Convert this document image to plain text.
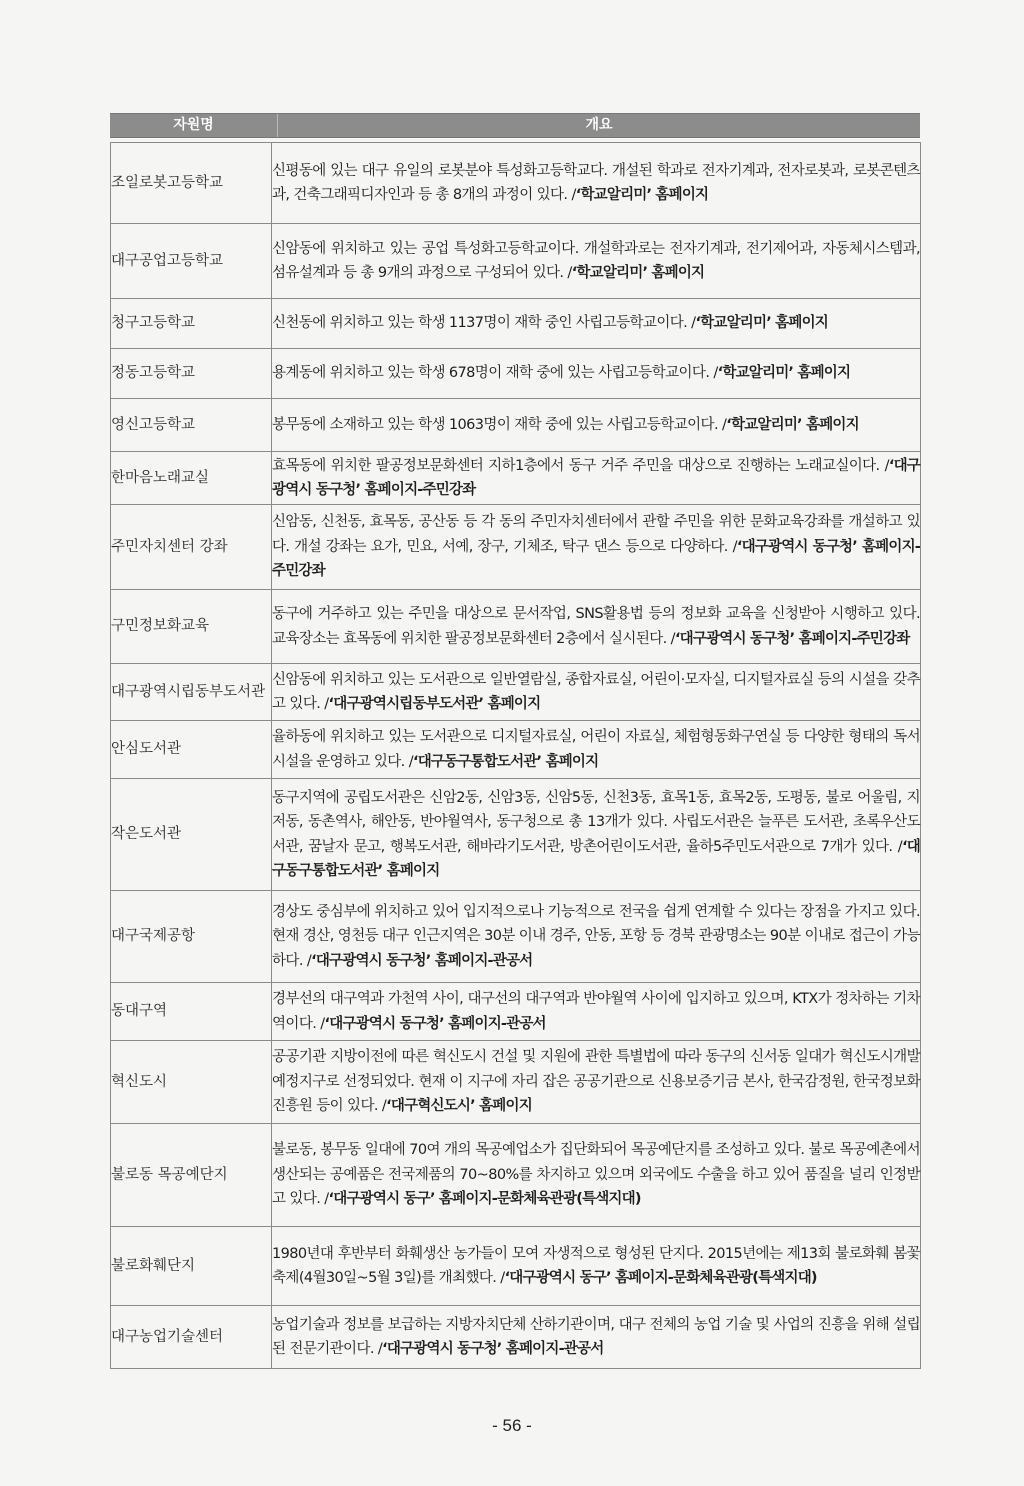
자원명	개요
조일로봇고등학교	신평동에 있는 대구 유일의 로봇분야 특성화고등학교다. 개설된 학과로 전자기계과, 전자로봇과, 로봇콘텐츠과, 건축그래픽디자인과 등 총 8개의 과정이 있다. /‘학교알리미’ 홈페이지
대구공업고등학교	신암동에 위치하고 있는 공업 특성화고등학교이다. 개설학과로는 전자기계과, 전기제어과, 자동체시스템과, 섬유설계과 등 총 9개의 과정으로 구성되어 있다. /‘학교알리미’ 홈페이지
청구고등학교	신천동에 위치하고 있는 학생 1137명이 재학 중인 사립고등학교이다. /‘학교알리미’ 홈페이지
정동고등학교	용계동에 위치하고 있는 학생 678명이 재학 중에 있는 사립고등학교이다. /‘학교알리미’ 홈페이지
영신고등학교	봉무동에 소재하고 있는 학생 1063명이 재학 중에 있는 사립고등학교이다. /‘학교알리미’ 홈페이지
한마음노래교실	효목동에 위치한 팔공정보문화센터 지하1층에서 동구 거주 주민을 대상으로 진행하는 노래교실이다. /‘대구광역시 동구청’ 홈페이지-주민강좌
주민자치센터 강좌	신암동, 신천동, 효목동, 공산동 등 각 동의 주민자치센터에서 관할 주민을 위한 문화교육강좌를 개설하고 있다. 개설 강좌는 요가, 민요, 서예, 장구, 기체조, 탁구 댄스 등으로 다양하다. /‘대구광역시 동구청’ 홈페이지-주민강좌
구민정보화교육	동구에 거주하고 있는 주민을 대상으로 문서작업, SNS활용법 등의 정보화 교육을 신청받아 시행하고 있다. 교육장소는 효목동에 위치한 팔공정보문화센터 2층에서 실시된다. /‘대구광역시 동구청’ 홈페이지-주민강좌
대구광역시립동부도서관	신암동에 위치하고 있는 도서관으로 일반열람실, 종합자료실, 어린이·모자실, 디지털자료실 등의 시설을 갖추고 있다. /‘대구광역시립동부도서관’ 홈페이지
안심도서관	율하동에 위치하고 있는 도서관으로 디지털자료실, 어린이 자료실, 체험형동화구연실 등 다양한 형태의 독서 시설을 운영하고 있다. /‘대구동구통합도서관’ 홈페이지
작은도서관	동구지역에 공립도서관은 신암2동, 신암3동, 신암5동, 신천3동, 효목1동, 효목2동, 도평동, 불로 어울림, 지저동, 동촌역사, 해안동, 반야월역사, 동구청으로 총 13개가 있다. 사립도서관은 늘푸른 도서관, 초록우산도서관, 꿈날자 문고, 행복도서관, 해바라기도서관, 방촌어린이도서관, 율하5주민도서관으로 7개가 있다. /‘대구동구통합도서관’ 홈페이지
대구국제공항	경상도 중심부에 위치하고 있어 입지적으로나 기능적으로 전국을 쉽게 연계할 수 있다는 장점을 가지고 있다. 현재 경산, 영천등 대구 인근지역은 30분 이내 경주, 안동, 포항 등 경북 관광명소는 90분 이내로 접근이 가능하다. /‘대구광역시 동구청’ 홈페이지-관공서
동대구역	경부선의 대구역과 가천역 사이, 대구선의 대구역과 반야월역 사이에 입지하고 있으며, KTX가 정차하는 기차역이다. /‘대구광역시 동구청’ 홈페이지-관공서
혁신도시	공공기관 지방이전에 따른 혁신도시 건설 및 지원에 관한 특별법에 따라 동구의 신서동 일대가 혁신도시개발예정지구로 선정되었다. 현재 이 지구에 자리 잡은 공공기관으로 신용보증기금 본사, 한국감정원, 한국정보화진흥원 등이 있다. /‘대구혁신도시’ 홈페이지
불로동 목공예단지	불로동, 봉무동 일대에 70여 개의 목공예업소가 집단화되어 목공예단지를 조성하고 있다. 불로 목공예촌에서 생산되는 공예품은 전국제품의 70~80%를 차지하고 있으며 외국에도 수출을 하고 있어 품질을 널리 인정받고 있다. /‘대구광역시 동구’ 홈페이지-문화체육관광(특색지대)
불로화훼단지	1980년대 후반부터 화훼생산 농가들이 모여 자생적으로 형성된 단지다. 2015년에는 제13회 불로화훼 봄꽃축제(4월30일~5월 3일)를 개최했다. /‘대구광역시 동구’ 홈페이지-문화체육관광(특색지대)
대구농업기술센터	농업기술과 정보를 보급하는 지방자치단체 산하기관이며, 대구 전체의 농업 기술 및 사업의 진흥을 위해 설립된 전문기관이다. /‘대구광역시 동구청’ 홈페이지-관공서
- 56 -
